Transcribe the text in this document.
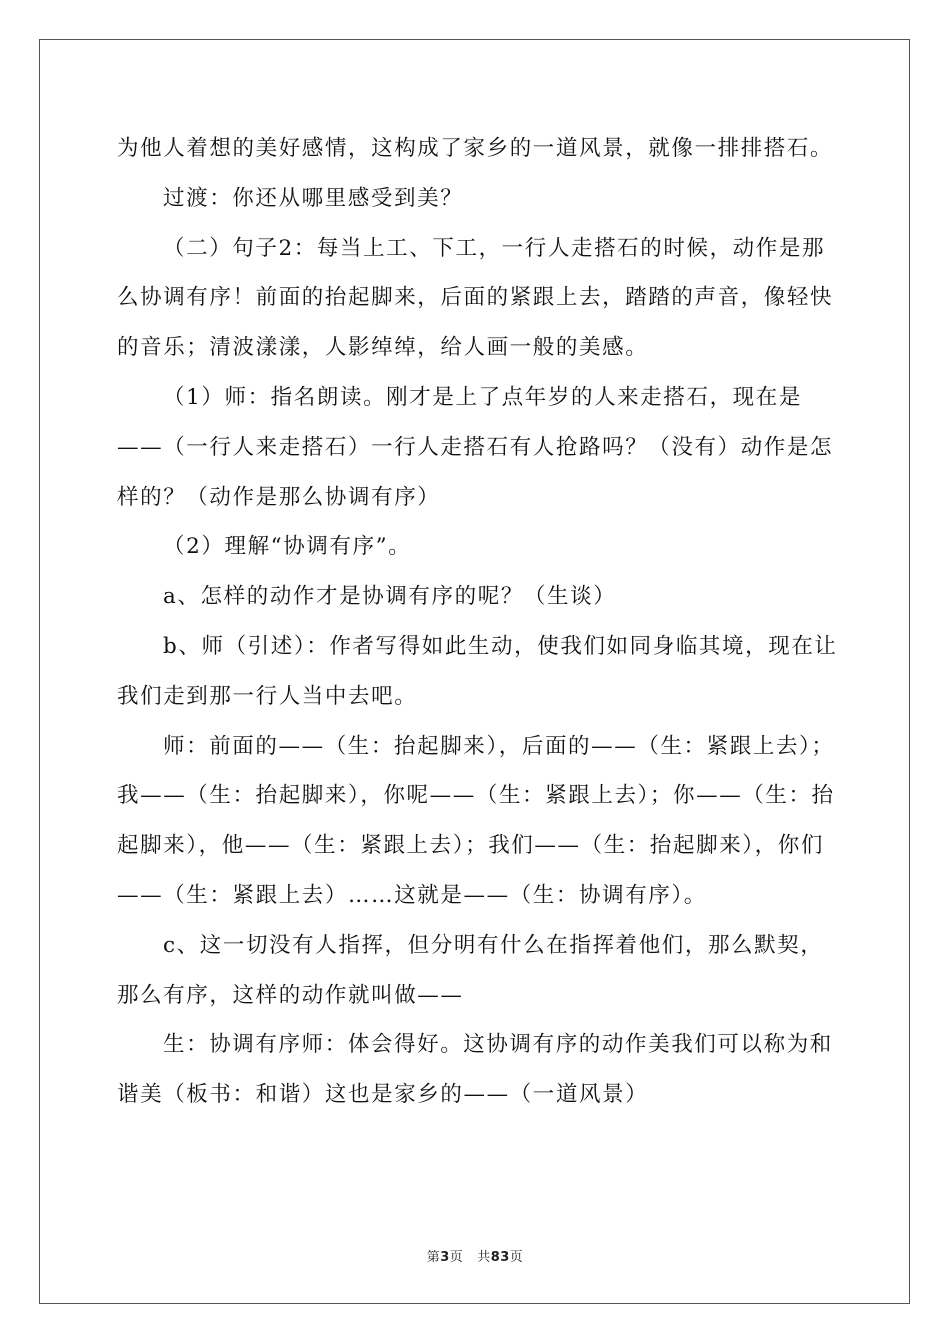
为他人着想的美好感情，这构成了家乡的一道风景，就像一排排搭石。

过渡：你还从哪里感受到美？

（二）句子2：每当上工、下工，一行人走搭石的时候，动作是那么协调有序！前面的抬起脚来，后面的紧跟上去，踏踏的声音，像轻快的音乐；清波漾漾，人影绰绰，给人画一般的美感。

（1）师：指名朗读。刚才是上了点年岁的人来走搭石，现在是——（一行人来走搭石）一行人走搭石有人抢路吗？（没有）动作是怎样的？（动作是那么协调有序）

（2）理解“协调有序”。

a、怎样的动作才是协调有序的呢？（生谈）

b、师（引述）：作者写得如此生动，使我们如同身临其境，现在让我们走到那一行人当中去吧。

师：前面的——（生：抬起脚来），后面的——（生：紧跟上去）；我——（生：抬起脚来），你呢——（生：紧跟上去）；你——（生：抬起脚来），他——（生：紧跟上去）；我们——（生：抬起脚来），你们——（生：紧跟上去）……这就是——（生：协调有序）。

c、这一切没有人指挥，但分明有什么在指挥着他们，那么默契，那么有序，这样的动作就叫做——

生：协调有序师：体会得好。这协调有序的动作美我们可以称为和谐美（板书：和谐）这也是家乡的——（一道风景）

第3页 共83页
